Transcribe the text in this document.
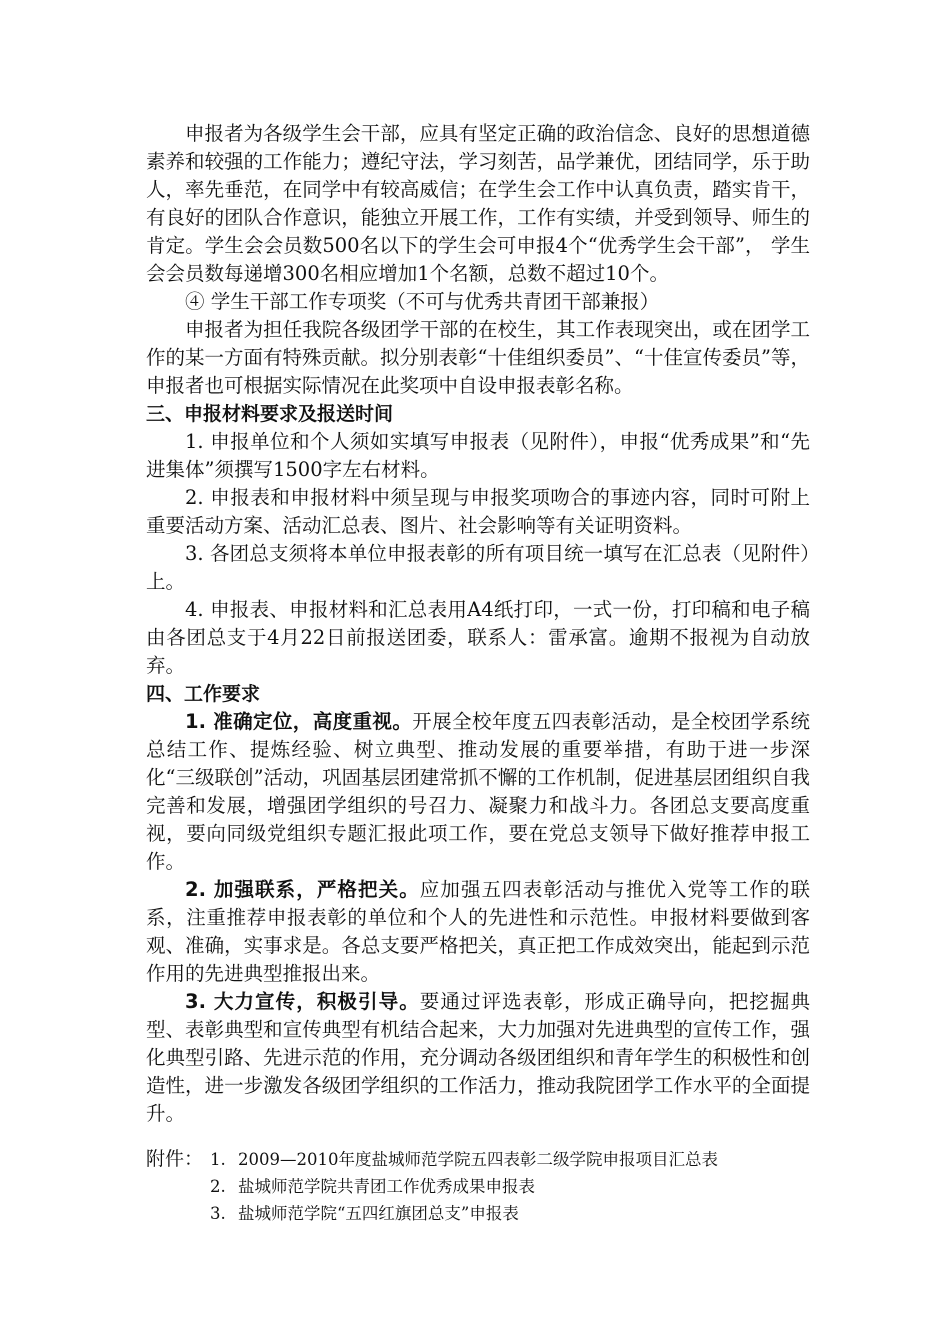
申报者为各级学生会干部，应具有坚定正确的政治信念、良好的思想道德素养和较强的工作能力；遵纪守法，学习刻苦，品学兼优，团结同学，乐于助人，率先垂范，在同学中有较高威信；在学生会工作中认真负责，踏实肯干，有良好的团队合作意识，能独立开展工作，工作有实绩，并受到领导、师生的肯定。学生会会员数500名以下的学生会可申报4个“优秀学生会干部”， 学生会会员数每递增300名相应增加1个名额，总数不超过10个。

④ 学生干部工作专项奖（不可与优秀共青团干部兼报）

申报者为担任我院各级团学干部的在校生，其工作表现突出，或在团学工作的某一方面有特殊贡献。拟分别表彰“十佳组织委员”、“十佳宣传委员”等，申报者也可根据实际情况在此奖项中自设申报表彰名称。

三、申报材料要求及报送时间

1. 申报单位和个人须如实填写申报表（见附件），申报“优秀成果”和“先进集体”须撰写1500字左右材料。

2. 申报表和申报材料中须呈现与申报奖项吻合的事迹内容，同时可附上重要活动方案、活动汇总表、图片、社会影响等有关证明资料。

3. 各团总支须将本单位申报表彰的所有项目统一填写在汇总表（见附件）上。

4. 申报表、申报材料和汇总表用A4纸打印，一式一份，打印稿和电子稿由各团总支于4月22日前报送团委，联系人：雷承富。逾期不报视为自动放弃。

四、工作要求

1. 准确定位，高度重视。开展全校年度五四表彰活动，是全校团学系统总结工作、提炼经验、树立典型、推动发展的重要举措，有助于进一步深化“三级联创”活动，巩固基层团建常抓不懈的工作机制，促进基层团组织自我完善和发展，增强团学组织的号召力、凝聚力和战斗力。各团总支要高度重视，要向同级党组织专题汇报此项工作，要在党总支领导下做好推荐申报工作。

2. 加强联系，严格把关。应加强五四表彰活动与推优入党等工作的联系，注重推荐申报表彰的单位和个人的先进性和示范性。申报材料要做到客观、准确，实事求是。各总支要严格把关，真正把工作成效突出，能起到示范作用的先进典型推报出来。

3. 大力宣传，积极引导。要通过评选表彰，形成正确导向，把挖掘典型、表彰典型和宣传典型有机结合起来，大力加强对先进典型的宣传工作，强化典型引路、先进示范的作用，充分调动各级团组织和青年学生的积极性和创造性，进一步激发各级团学组织的工作活力，推动我院团学工作水平的全面提升。

附件： 1. 2009—2010年度盐城师范学院五四表彰二级学院申报项目汇总表
2. 盐城师范学院共青团工作优秀成果申报表
3. 盐城师范学院“五四红旗团总支”申报表
